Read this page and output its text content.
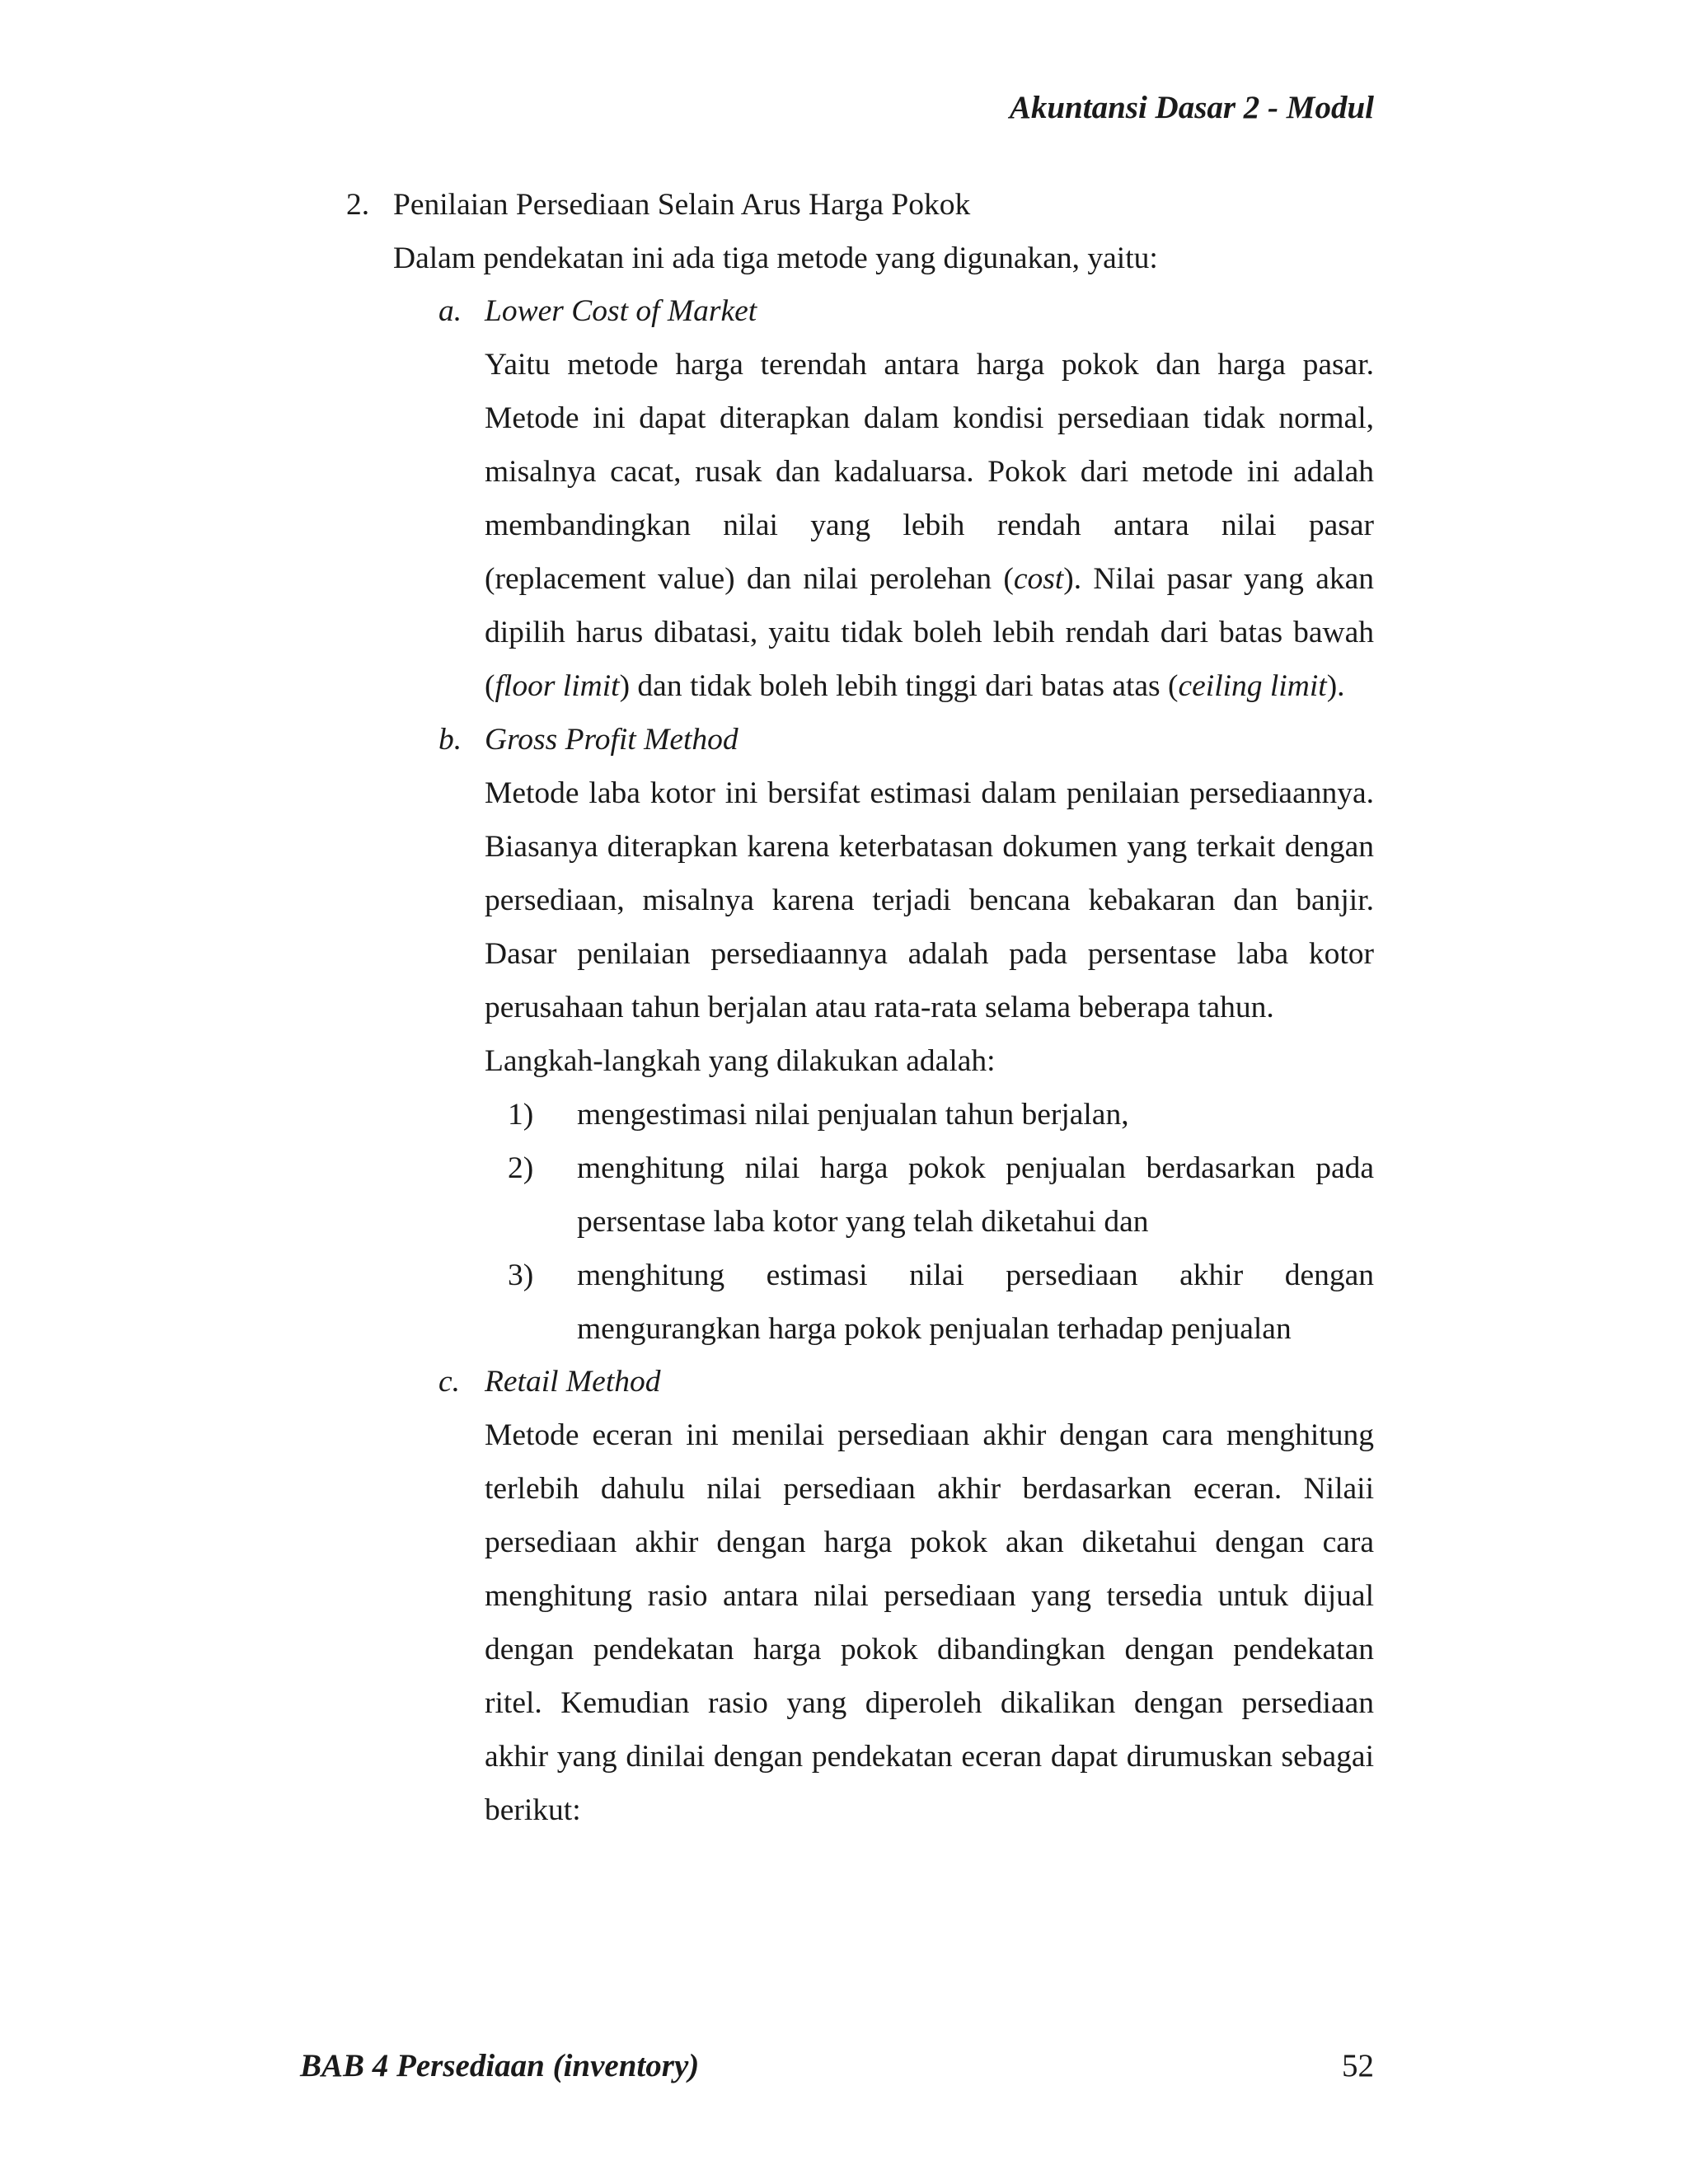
Akuntansi Dasar 2 - Modul
2. Penilaian Persediaan Selain Arus Harga Pokok
Dalam pendekatan ini ada tiga metode yang digunakan, yaitu:
a. Lower Cost of Market
Yaitu metode harga terendah antara harga pokok dan harga pasar.
Metode ini dapat diterapkan dalam kondisi persediaan tidak normal,
misalnya cacat, rusak dan kadaluarsa. Pokok dari metode ini adalah
membandingkan nilai yang lebih rendah antara nilai pasar
(replacement value) dan nilai perolehan (cost). Nilai pasar yang akan
dipilih harus dibatasi, yaitu tidak boleh lebih rendah dari batas bawah
(floor limit) dan tidak boleh lebih tinggi dari batas atas (ceiling limit).
b. Gross Profit Method
Metode laba kotor ini bersifat estimasi dalam penilaian persediaannya.
Biasanya diterapkan karena keterbatasan dokumen yang terkait dengan
persediaan, misalnya karena terjadi bencana kebakaran dan banjir.
Dasar penilaian persediaannya adalah pada persentase laba kotor
perusahaan tahun berjalan atau rata-rata selama beberapa tahun.
Langkah-langkah yang dilakukan adalah:
1) mengestimasi nilai penjualan tahun berjalan,
2) menghitung nilai harga pokok penjualan berdasarkan pada
persentase laba kotor yang telah diketahui dan
3) menghitung estimasi nilai persediaan akhir dengan
mengurangkan harga pokok penjualan terhadap penjualan
c. Retail Method
Metode eceran ini menilai persediaan akhir dengan cara menghitung
terlebih dahulu nilai persediaan akhir berdasarkan eceran. Nilaii
persediaan akhir dengan harga pokok akan diketahui dengan cara
menghitung rasio antara nilai persediaan yang tersedia untuk dijual
dengan pendekatan harga pokok dibandingkan dengan pendekatan
ritel. Kemudian rasio yang diperoleh dikalikan dengan persediaan
akhir yang dinilai dengan pendekatan eceran dapat dirumuskan sebagai
berikut:
BAB 4 Persediaan (inventory)	52
